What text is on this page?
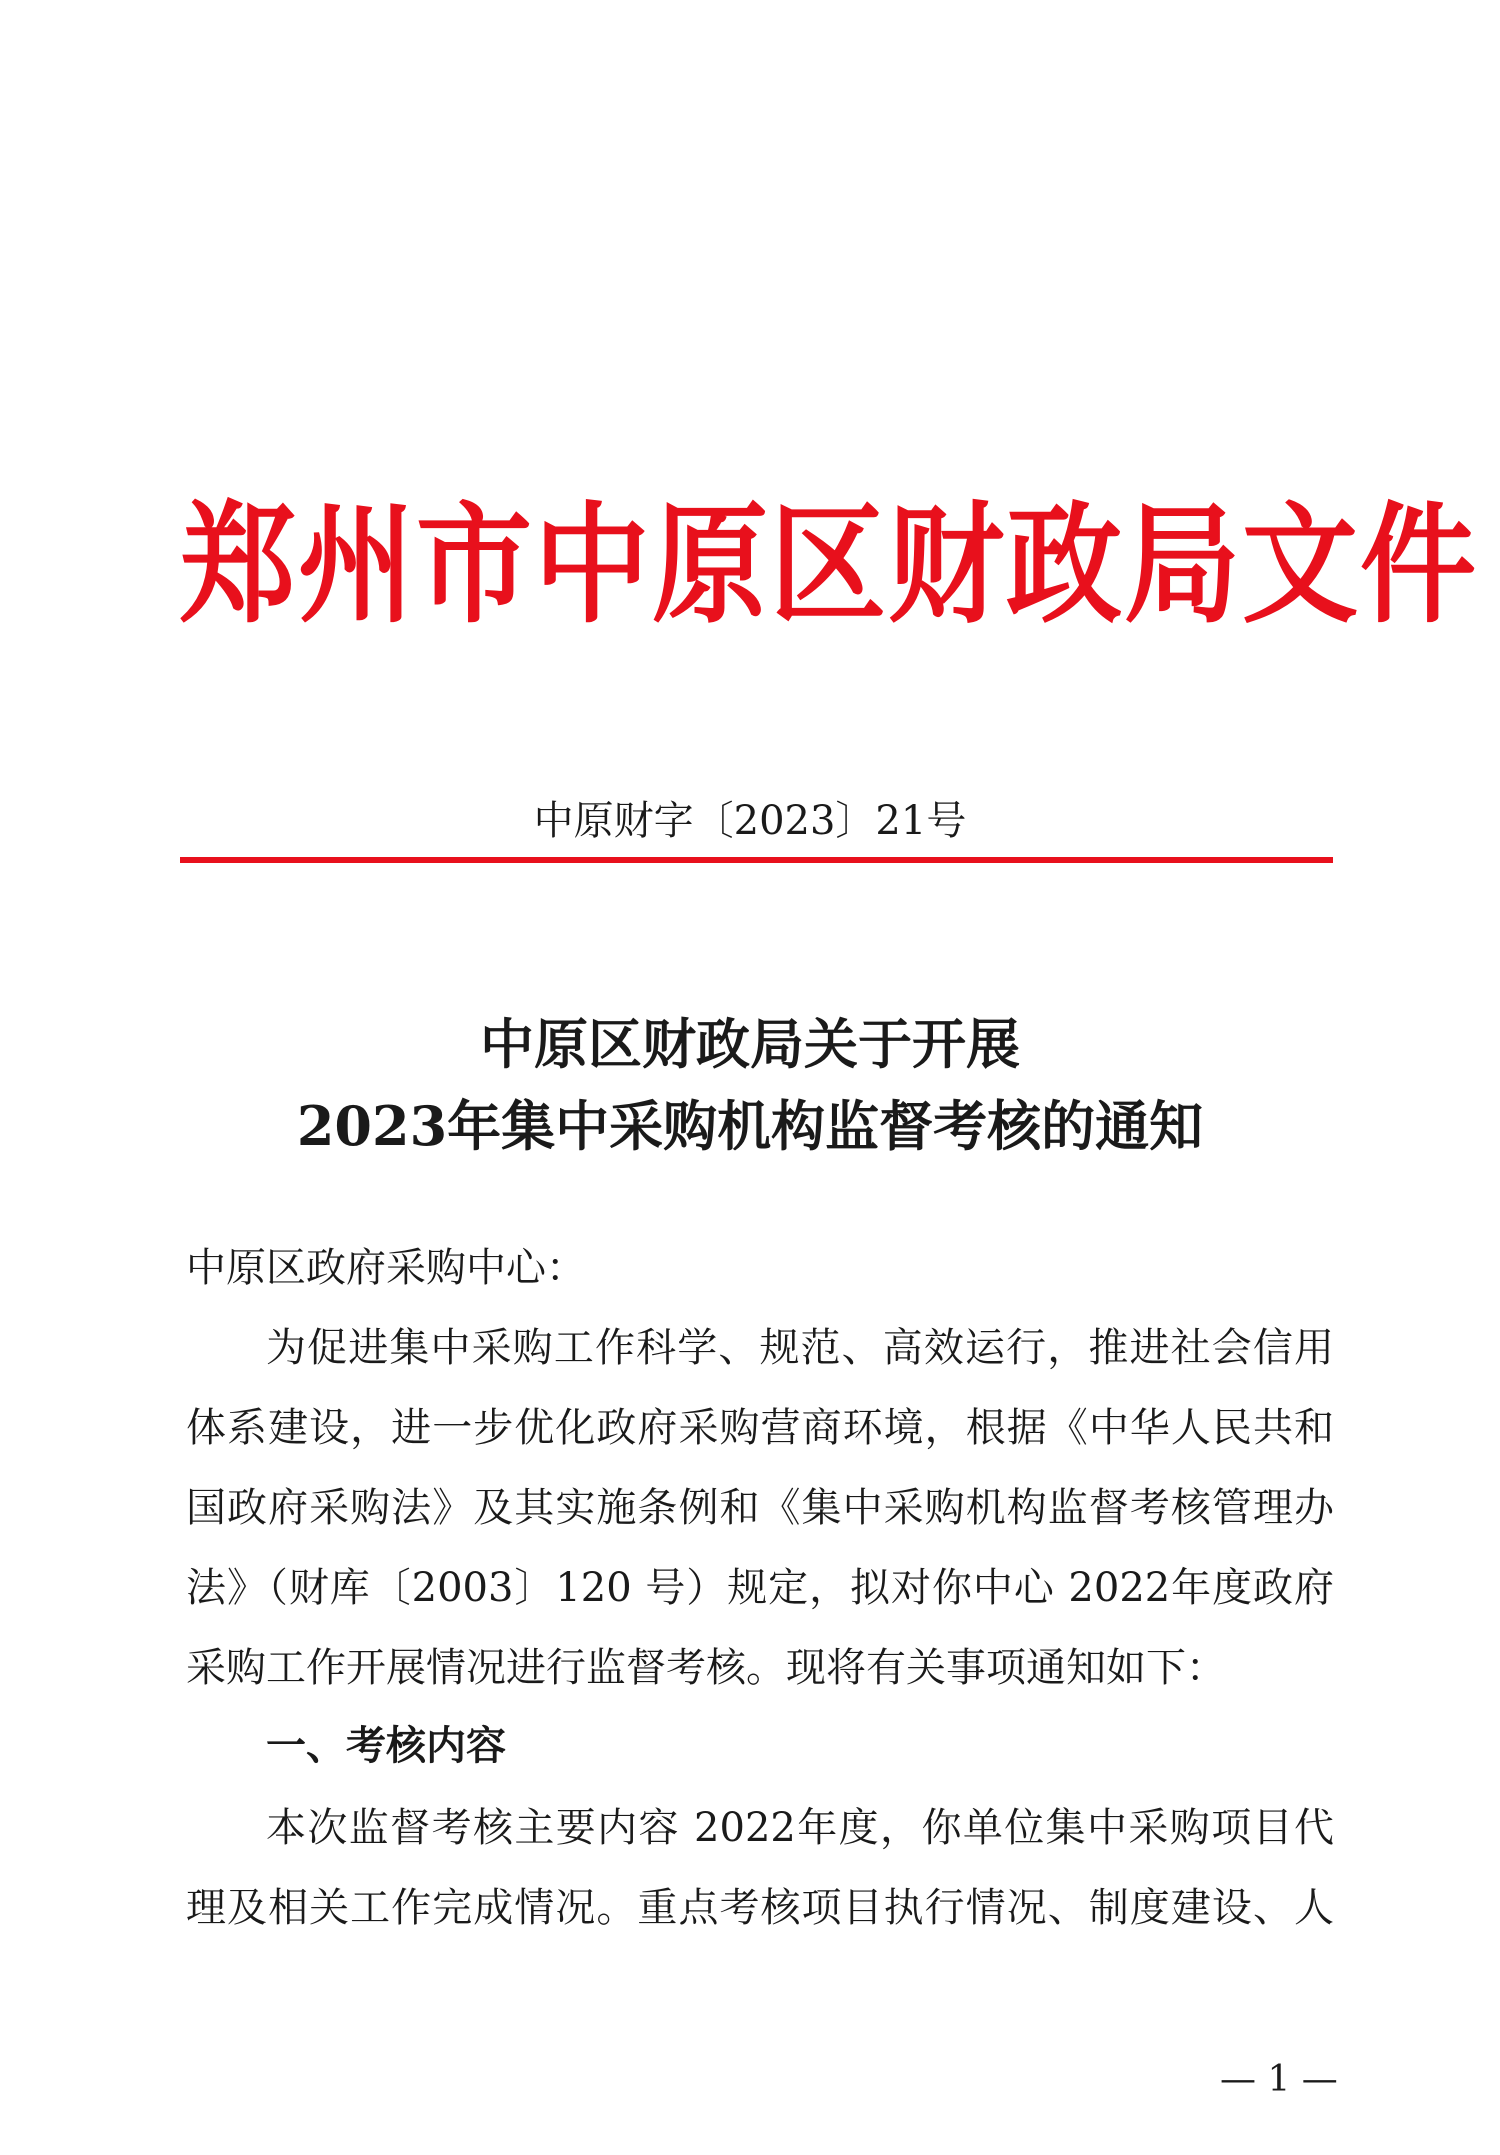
郑州市中原区财政局文件
中原财字〔2023〕21号
中原区财政局关于开展
2023年集中采购机构监督考核的通知
中原区政府采购中心：
为促进集中采购工作科学、规范、高效运行，推进社会信用
体系建设，进一步优化政府采购营商环境，根据《中华人民共和
国政府采购法》及其实施条例和《集中采购机构监督考核管理办
法》（财库〔2003〕120 号）规定，拟对你中心 2022年度政府
采购工作开展情况进行监督考核。现将有关事项通知如下：
一、考核内容
本次监督考核主要内容 2022年度，你单位集中采购项目代
理及相关工作完成情况。重点考核项目执行情况、制度建设、人
— 1 —
